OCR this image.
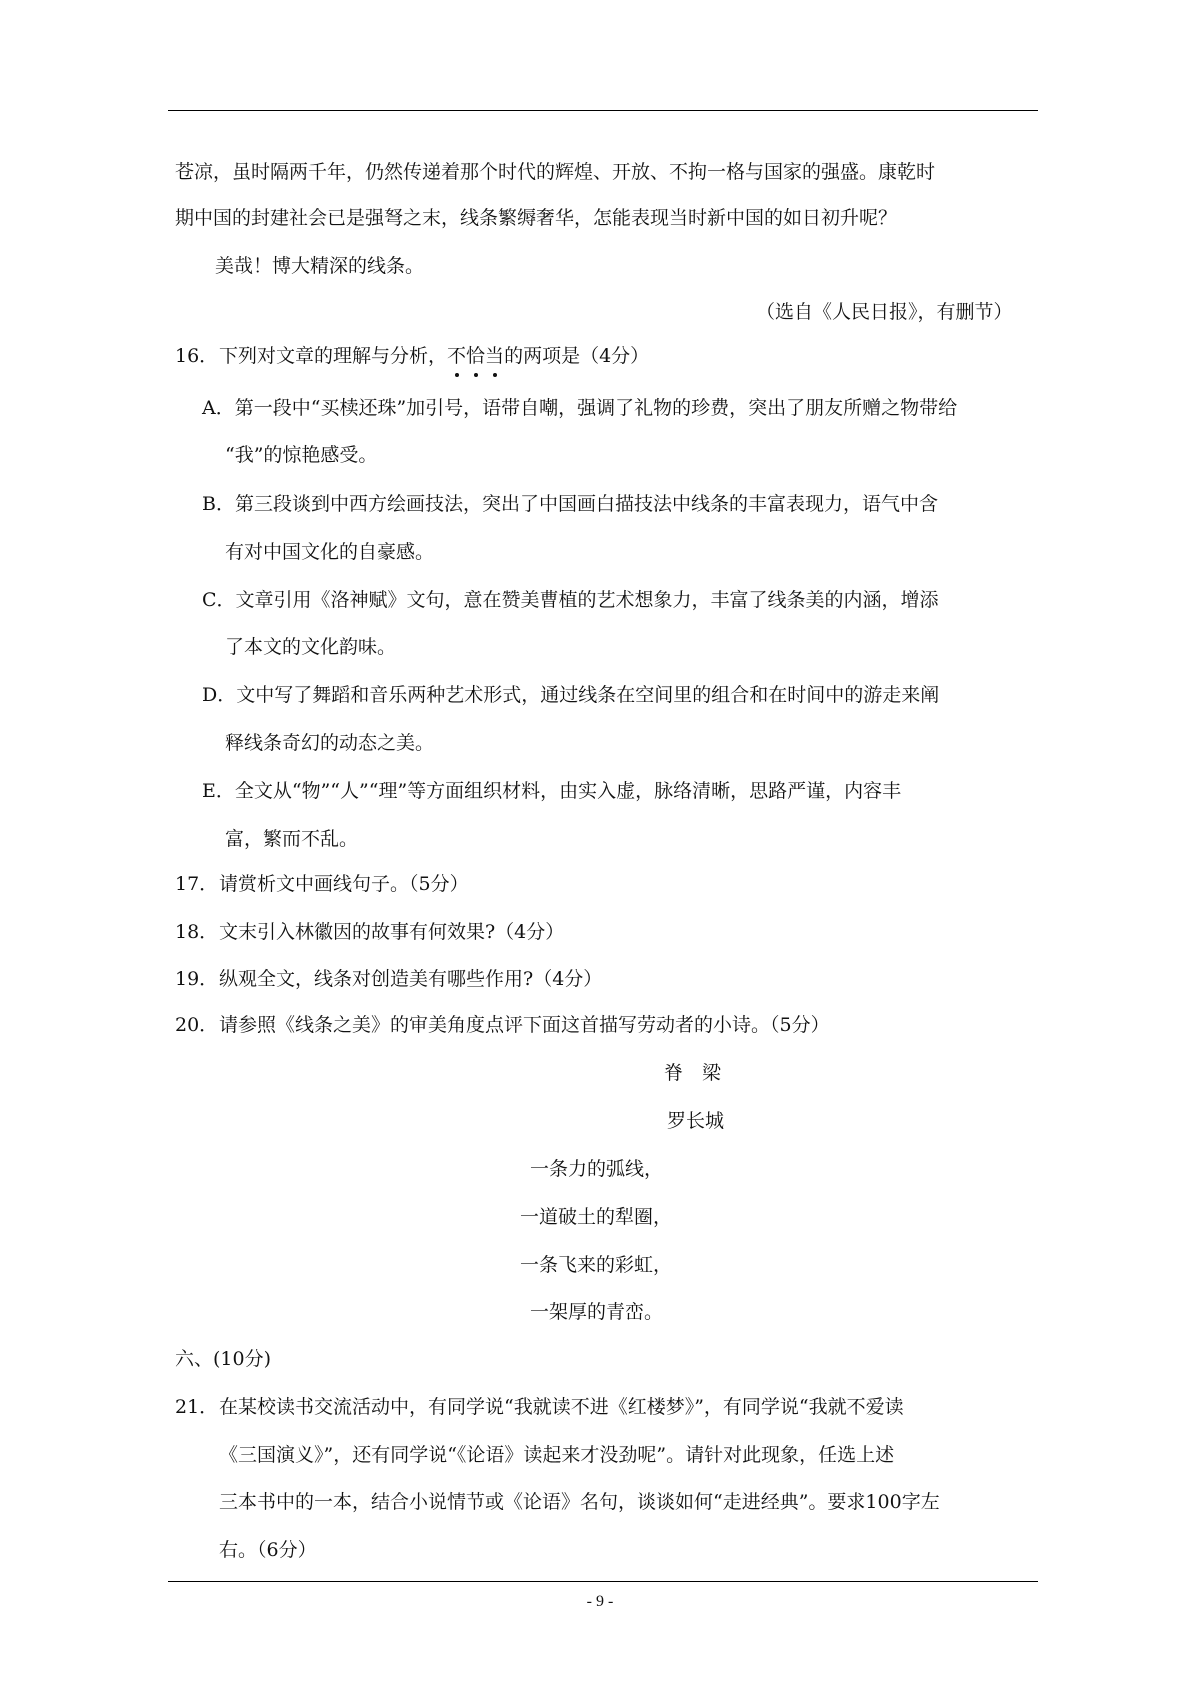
苍凉，虽时隔两千年，仍然传递着那个时代的辉煌、开放、不拘一格与国家的强盛。康乾时
期中国的封建社会已是强弩之末，线条繁缛奢华，怎能表现当时新中国的如日初升呢？
美哉！博大精深的线条。
（选自《人民日报》，有删节）
16．下列对文章的理解与分析，不恰当的两项是（4分）
A．第一段中“买椟还珠”加引号，语带自嘲，强调了礼物的珍费，突出了朋友所赠之物带给
“我”的惊艳感受。
B．第三段谈到中西方绘画技法，突出了中国画白描技法中线条的丰富表现力，语气中含
有对中国文化的自豪感。
C．文章引用《洛神赋》文句，意在赞美曹植的艺术想象力，丰富了线条美的内涵，增添
了本文的文化韵味。
D．文中写了舞蹈和音乐两种艺术形式，通过线条在空间里的组合和在时间中的游走来阐
释线条奇幻的动态之美。
E．全文从“物”“人”“理”等方面组织材料，由实入虚，脉络清晰，思路严谨，内容丰
富，繁而不乱。
17．请赏析文中画线句子。（5分）
18．文末引入林徽因的故事有何效果?（4分）
19．纵观全文，线条对创造美有哪些作用?（4分）
20．请参照《线条之美》的审美角度点评下面这首描写劳动者的小诗。（5分）
脊　梁
罗长城
一条力的弧线，
一道破土的犁圈，
一条飞来的彩虹，
一架厚的青峦。
六、(10分)
21．在某校读书交流活动中，有同学说“我就读不进《红楼梦》”，有同学说“我就不爱读
《三国演义》”，还有同学说“《论语》读起来才没劲呢”。请针对此现象，任选上述
三本书中的一本，结合小说情节或《论语》名句，谈谈如何“走进经典”。要求100字左
右。（6分）
- 9 -
